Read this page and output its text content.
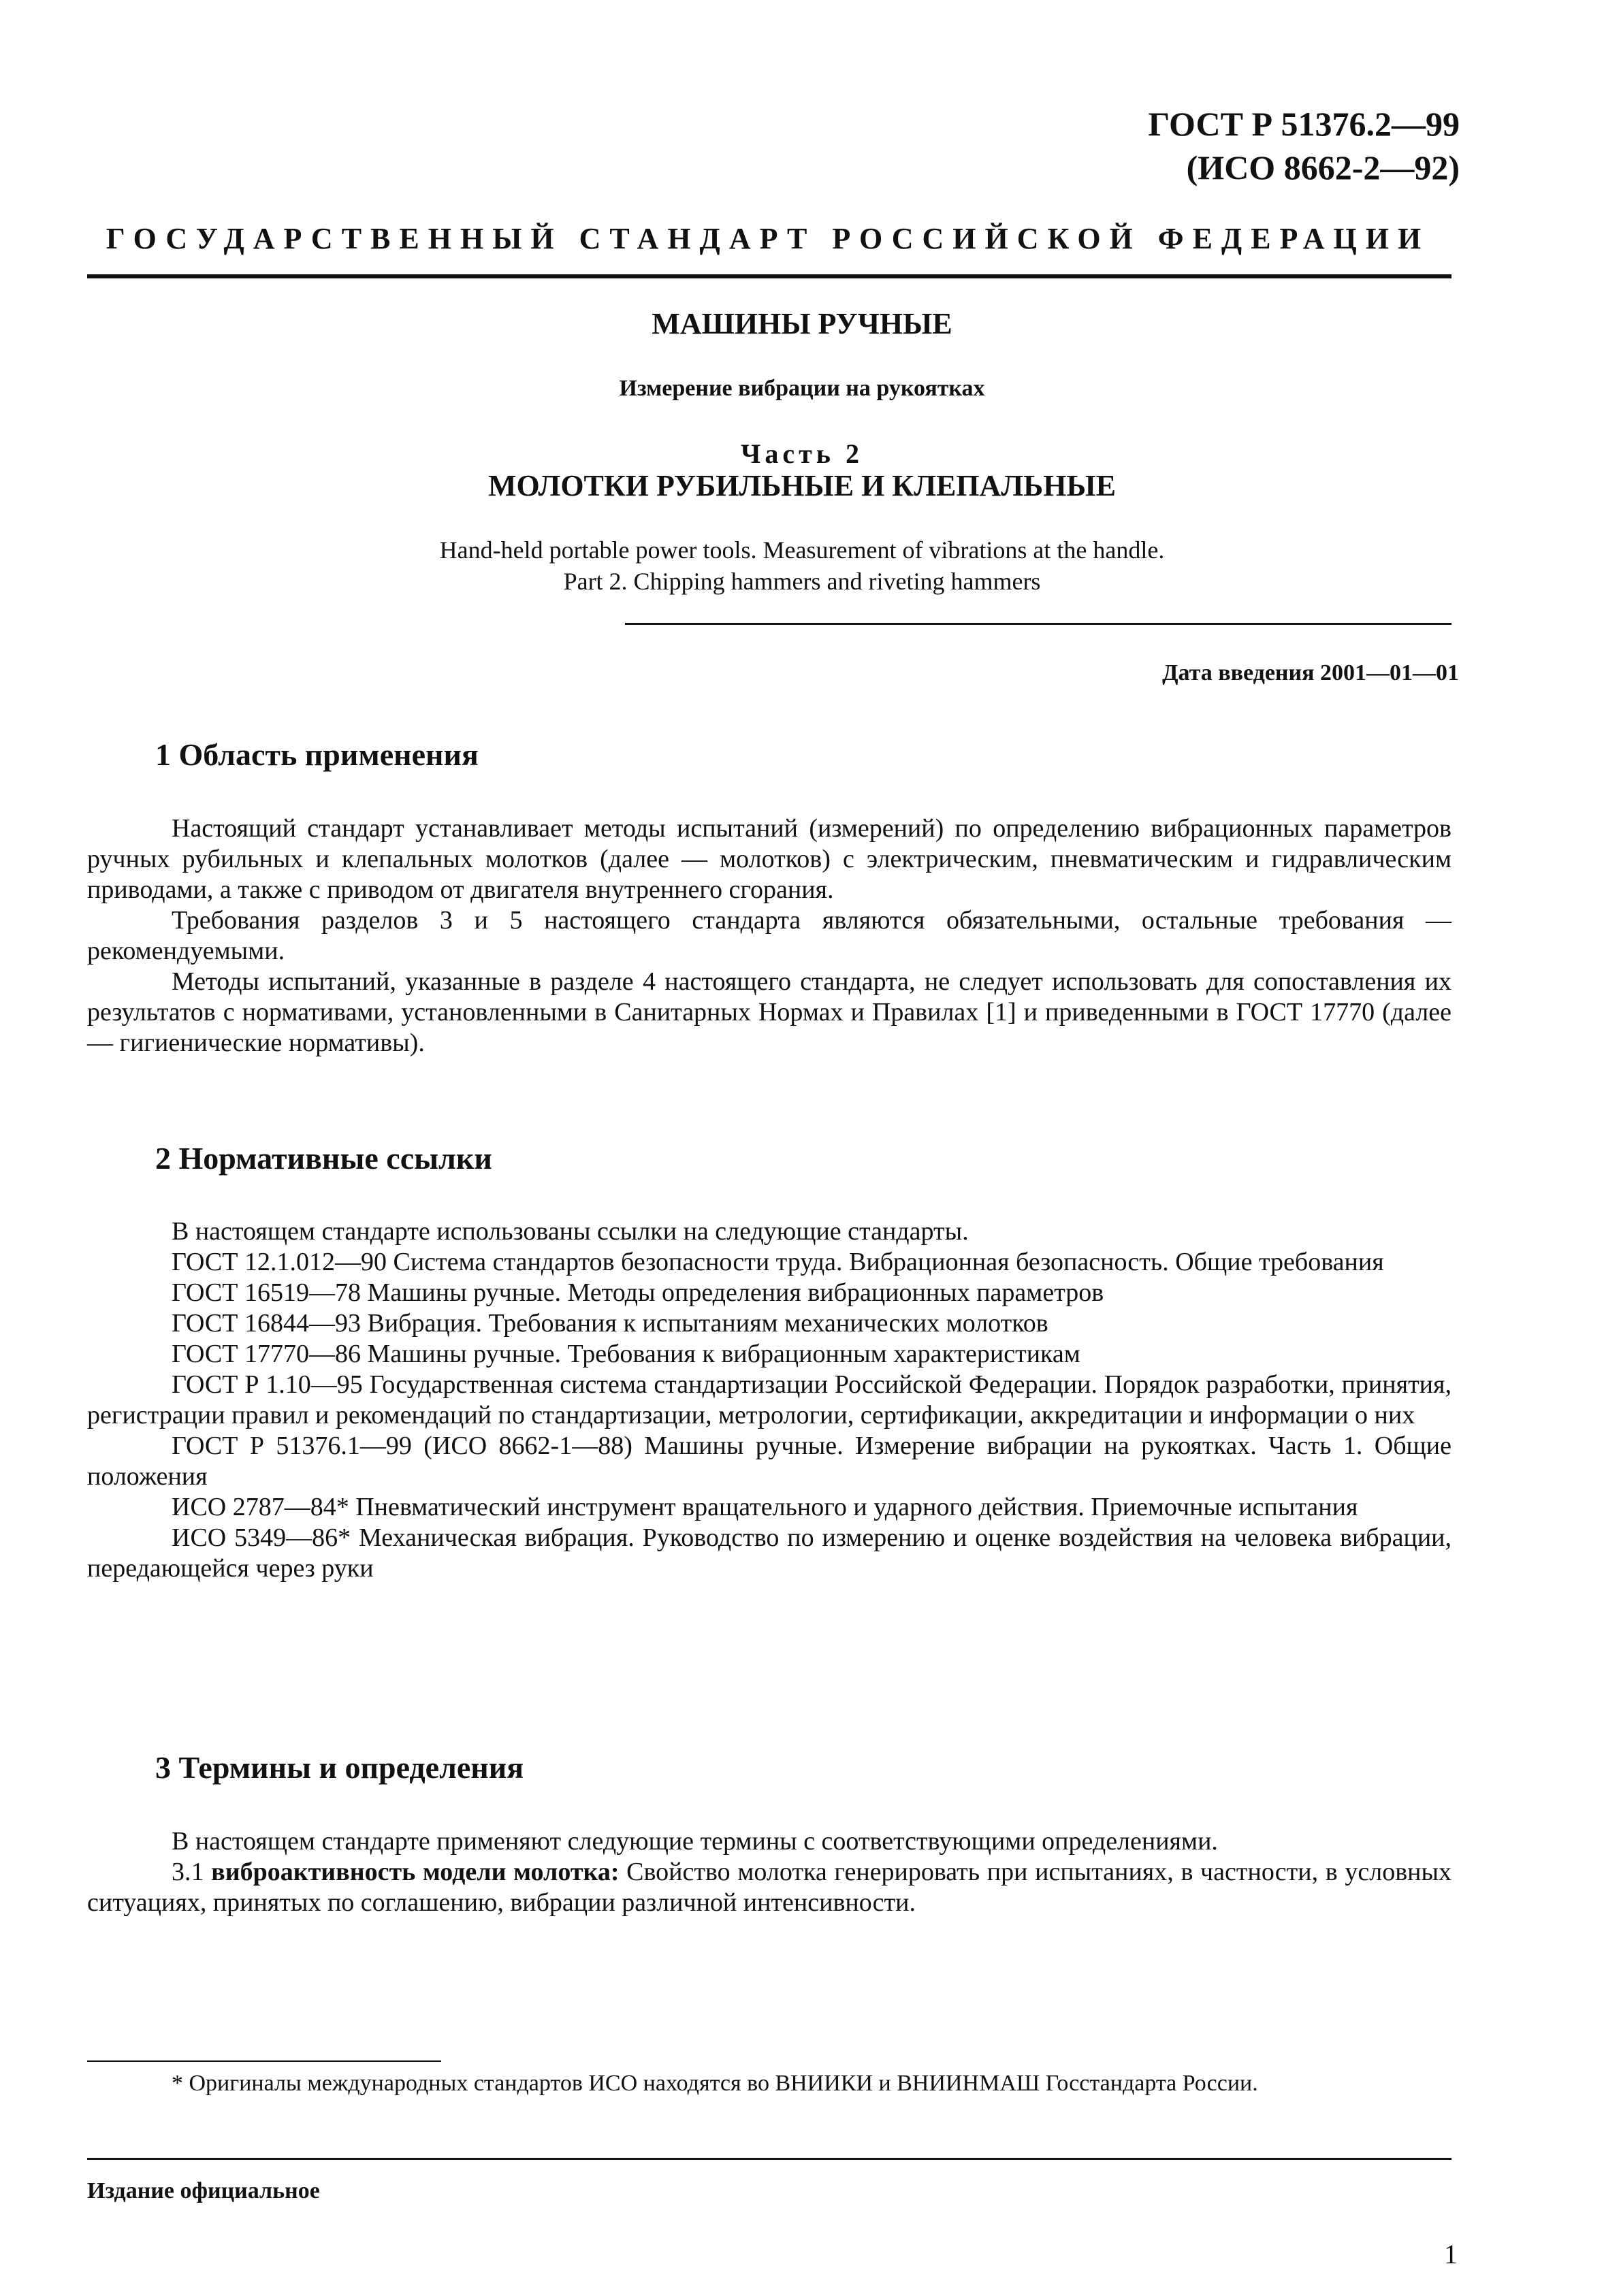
ГОСТ Р 51376.2—99
(ИСО 8662-2—92)
ГОСУДАРСТВЕННЫЙ СТАНДАРТ РОССИЙСКОЙ ФЕДЕРАЦИИ
МАШИНЫ РУЧНЫЕ
Измерение вибрации на рукоятках
Часть 2
МОЛОТКИ РУБИЛЬНЫЕ И КЛЕПАЛЬНЫЕ
Hand-held portable power tools. Measurement of vibrations at the handle.
Part 2. Chipping hammers and riveting hammers
Дата введения 2001—01—01
1 Область применения

Настоящий стандарт устанавливает методы испытаний (измерений) по определению вибрационных параметров ручных рубильных и клепальных молотков (далее — молотков) с электрическим, пневматическим и гидравлическим приводами, а также с приводом от двигателя внутреннего сгорания.

Требования разделов 3 и 5 настоящего стандарта являются обязательными, остальные требования — рекомендуемыми.

Методы испытаний, указанные в разделе 4 настоящего стандарта, не следует использовать для сопоставления их результатов с нормативами, установленными в Санитарных Нормах и Правилах [1] и приведенными в ГОСТ 17770 (далее — гигиенические нормативы).

2 Нормативные ссылки

В настоящем стандарте использованы ссылки на следующие стандарты.

ГОСТ 12.1.012—90 Система стандартов безопасности труда. Вибрационная безопасность. Общие требования

ГОСТ 16519—78 Машины ручные. Методы определения вибрационных параметров

ГОСТ 16844—93 Вибрация. Требования к испытаниям механических молотков

ГОСТ 17770—86 Машины ручные. Требования к вибрационным характеристикам

ГОСТ Р 1.10—95 Государственная система стандартизации Российской Федерации. Порядок разработки, принятия, регистрации правил и рекомендаций по стандартизации, метрологии, сертификации, аккредитации и информации о них

ГОСТ Р 51376.1—99 (ИСО 8662-1—88) Машины ручные. Измерение вибрации на рукоятках. Часть 1. Общие положения

ИСО 2787—84* Пневматический инструмент вращательного и ударного действия. Приемочные испытания

ИСО 5349—86* Механическая вибрация. Руководство по измерению и оценке воздействия на человека вибрации, передающейся через руки

3 Термины и определения

В настоящем стандарте применяют следующие термины с соответствующими определениями.

3.1 виброактивность модели молотка: Свойство молотка генерировать при испытаниях, в частности, в условных ситуациях, принятых по соглашению, вибрации различной интенсивности.

* Оригиналы международных стандартов ИСО находятся во ВНИИКИ и ВНИИНМАШ Госстандарта России.

Издание официальное
1
